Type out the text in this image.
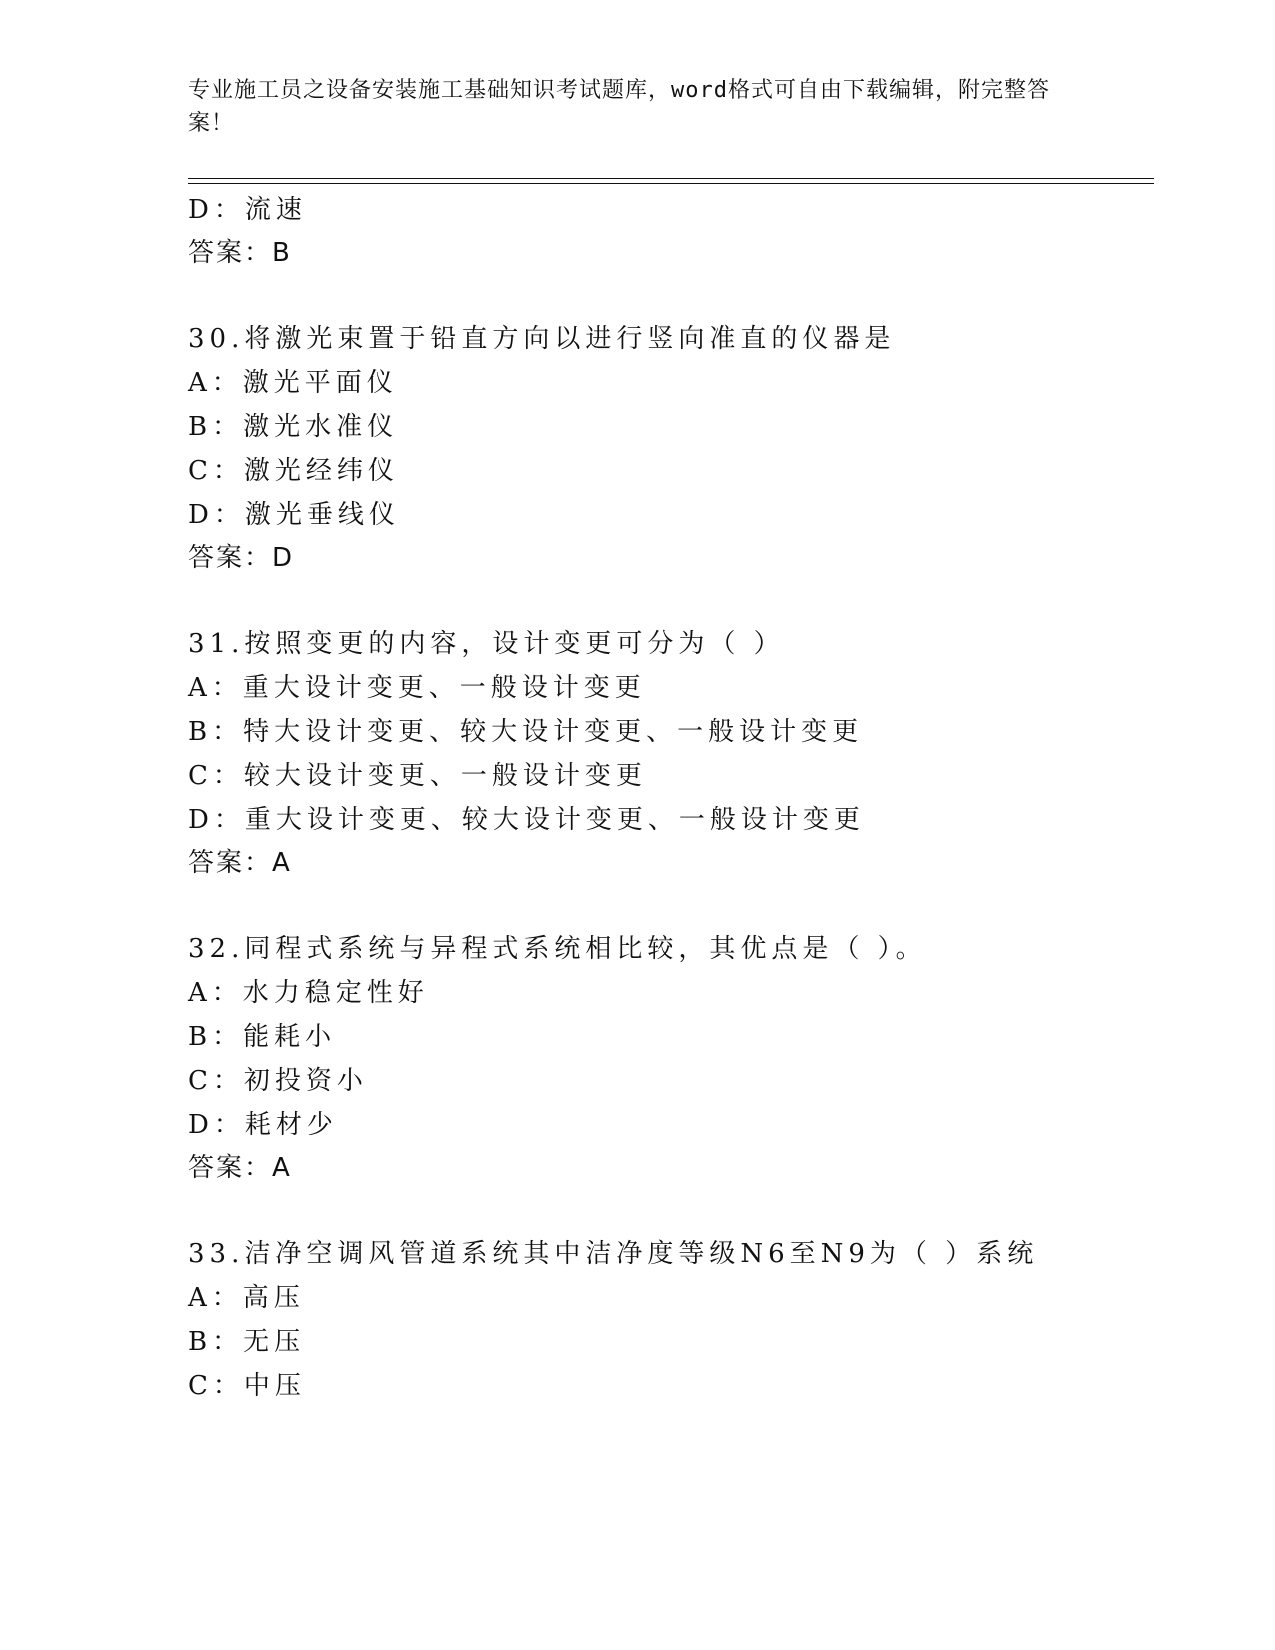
专业施工员之设备安装施工基础知识考试题库，word格式可自由下载编辑，附完整答案！
D：流速
答案：B
30.将激光束置于铅直方向以进行竖向准直的仪器是
A：激光平面仪
B：激光水准仪
C：激光经纬仪
D：激光垂线仪
答案：D
31.按照变更的内容，设计变更可分为（ ）
A：重大设计变更、一般设计变更
B：特大设计变更、较大设计变更、一般设计变更
C：较大设计变更、一般设计变更
D：重大设计变更、较大设计变更、一般设计变更
答案：A
32.同程式系统与异程式系统相比较，其优点是（ ）。
A：水力稳定性好
B：能耗小
C：初投资小
D：耗材少
答案：A
33.洁净空调风管道系统其中洁净度等级N6至N9为（ ）系统
A：高压
B：无压
C：中压
